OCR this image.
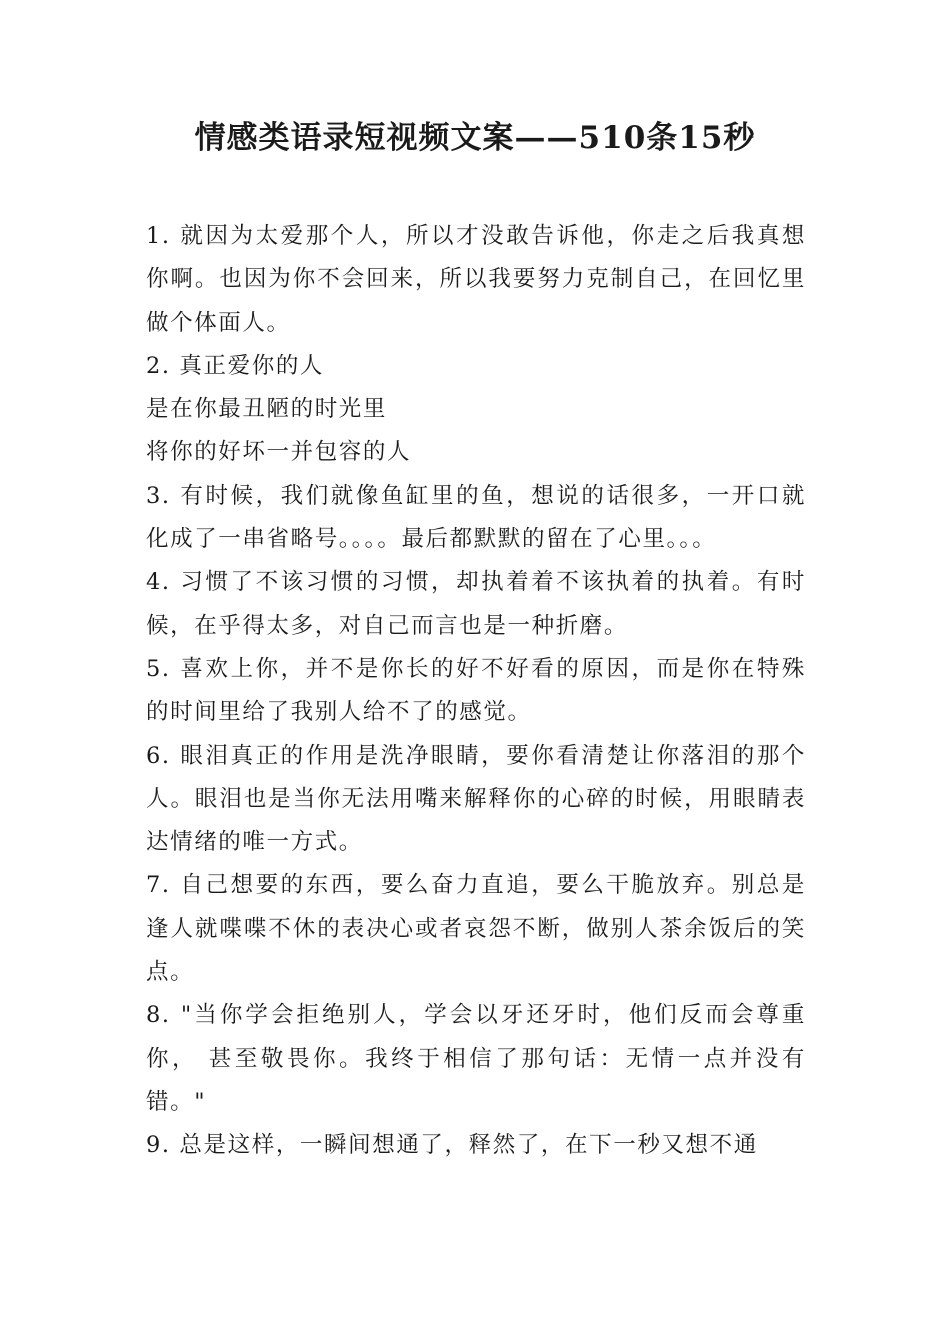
情感类语录短视频文案——510条15秒

1. 就因为太爱那个人，所以才没敢告诉他，你走之后我真想你啊。也因为你不会回来，所以我要努力克制自己，在回忆里做个体面人。

2. 真正爱你的人

是在你最丑陋的时光里

将你的好坏一并包容的人

3. 有时候，我们就像鱼缸里的鱼，想说的话很多，一开口就化成了一串省略号。。。。最后都默默的留在了心里。。。

4. 习惯了不该习惯的习惯，却执着着不该执着的执着。有时候，在乎得太多，对自己而言也是一种折磨。

5. 喜欢上你，并不是你长的好不好看的原因，而是你在特殊的时间里给了我别人给不了的感觉。

6. 眼泪真正的作用是洗净眼睛，要你看清楚让你落泪的那个人。眼泪也是当你无法用嘴来解释你的心碎的时候，用眼睛表达情绪的唯一方式。

7. 自己想要的东西，要么奋力直追，要么干脆放弃。别总是逢人就喋喋不休的表决心或者哀怨不断，做别人茶余饭后的笑点。

8. "当你学会拒绝别人，学会以牙还牙时，他们反而会尊重你， 甚至敬畏你。我终于相信了那句话：无情一点并没有错。"

9. 总是这样，一瞬间想通了，释然了，在下一秒又想不通
